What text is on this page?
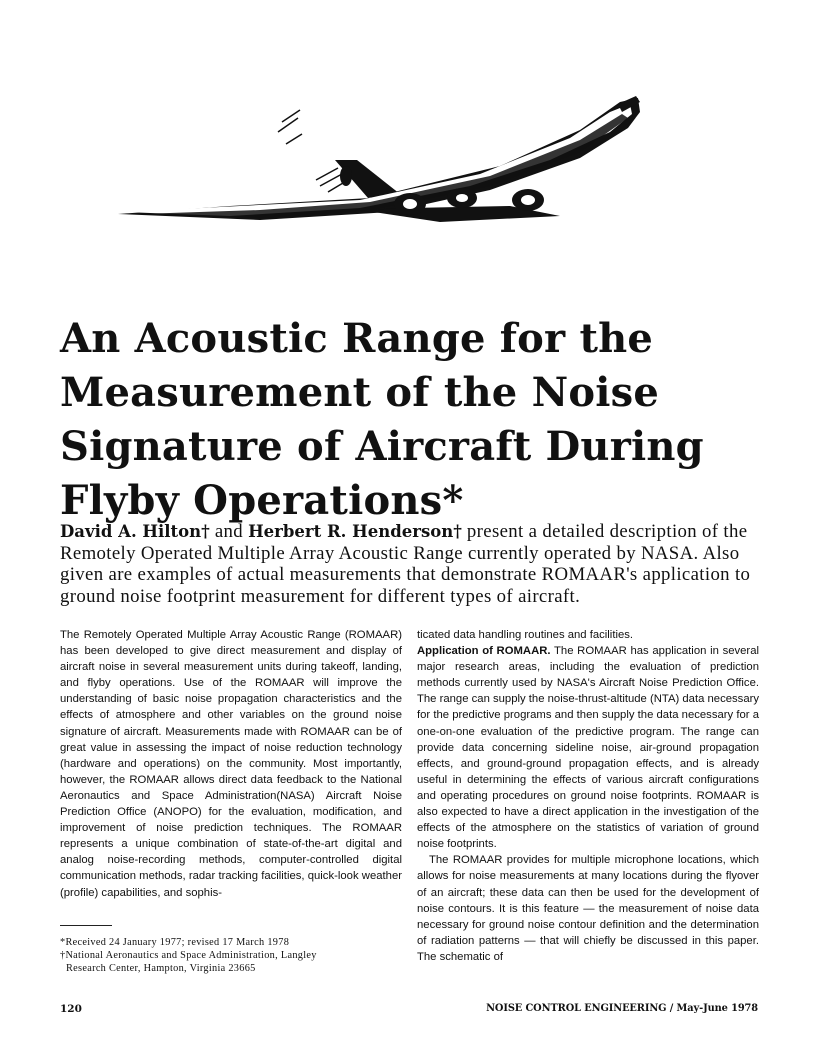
An Acoustic Range for the
Measurement of the Noise
Signature of Aircraft During
Flyby Operations*

David A. Hilton† and Herbert R. Henderson† present a detailed description of the Remotely Operated Multiple Array Acoustic Range currently operated by NASA. Also given are examples of actual measurements that demonstrate ROMAAR's application to ground noise footprint measurement for different types of aircraft.

The Remotely Operated Multiple Array Acoustic Range (ROMAAR) has been developed to give direct measurement and display of aircraft noise in several measurement units during takeoff, landing, and flyby operations. Use of the ROMAAR will improve the understanding of basic noise propagation characteristics and the effects of atmosphere and other variables on the ground noise signature of aircraft. Measurements made with ROMAAR can be of great value in assessing the impact of noise reduction technology (hardware and operations) on the community. Most importantly, however, the ROMAAR allows direct data feedback to the National Aeronautics and Space Administration(NASA) Aircraft Noise Prediction Office (ANOPO) for the evaluation, modification, and improvement of noise prediction techniques. The ROMAAR represents a unique combination of state-of-the-art digital and analog noise-recording methods, computer-controlled digital communication methods, radar tracking facilities, quick-look weather (profile) capabilities, and sophis-

ticated data handling routines and facilities.

Application of ROMAAR. The ROMAAR has application in several major research areas, including the evaluation of prediction methods currently used by NASA's Aircraft Noise Prediction Office. The range can supply the noise-thrust-altitude (NTA) data necessary for the predictive programs and then supply the data necessary for a one-on-one evaluation of the predictive program. The range can provide data concerning sideline noise, air-ground propagation effects, and ground-ground propagation effects, and is already useful in determining the effects of various aircraft configurations and operating procedures on ground noise footprints. ROMAAR is also expected to have a direct application in the investigation of the effects of the atmosphere on the statistics of variation of ground noise footprints.

The ROMAAR provides for multiple microphone locations, which allows for noise measurements at many locations during the flyover of an aircraft; these data can then be used for the development of noise contours. It is this feature — the measurement of noise data necessary for ground noise contour definition and the determination of radiation patterns — that will chiefly be discussed in this paper. The schematic of

*Received 24 January 1977; revised 17 March 1978

†National Aeronautics and Space Administration, Langley

Research Center, Hampton, Virginia 23665

120	NOISE CONTROL ENGINEERING / May-June 1978
